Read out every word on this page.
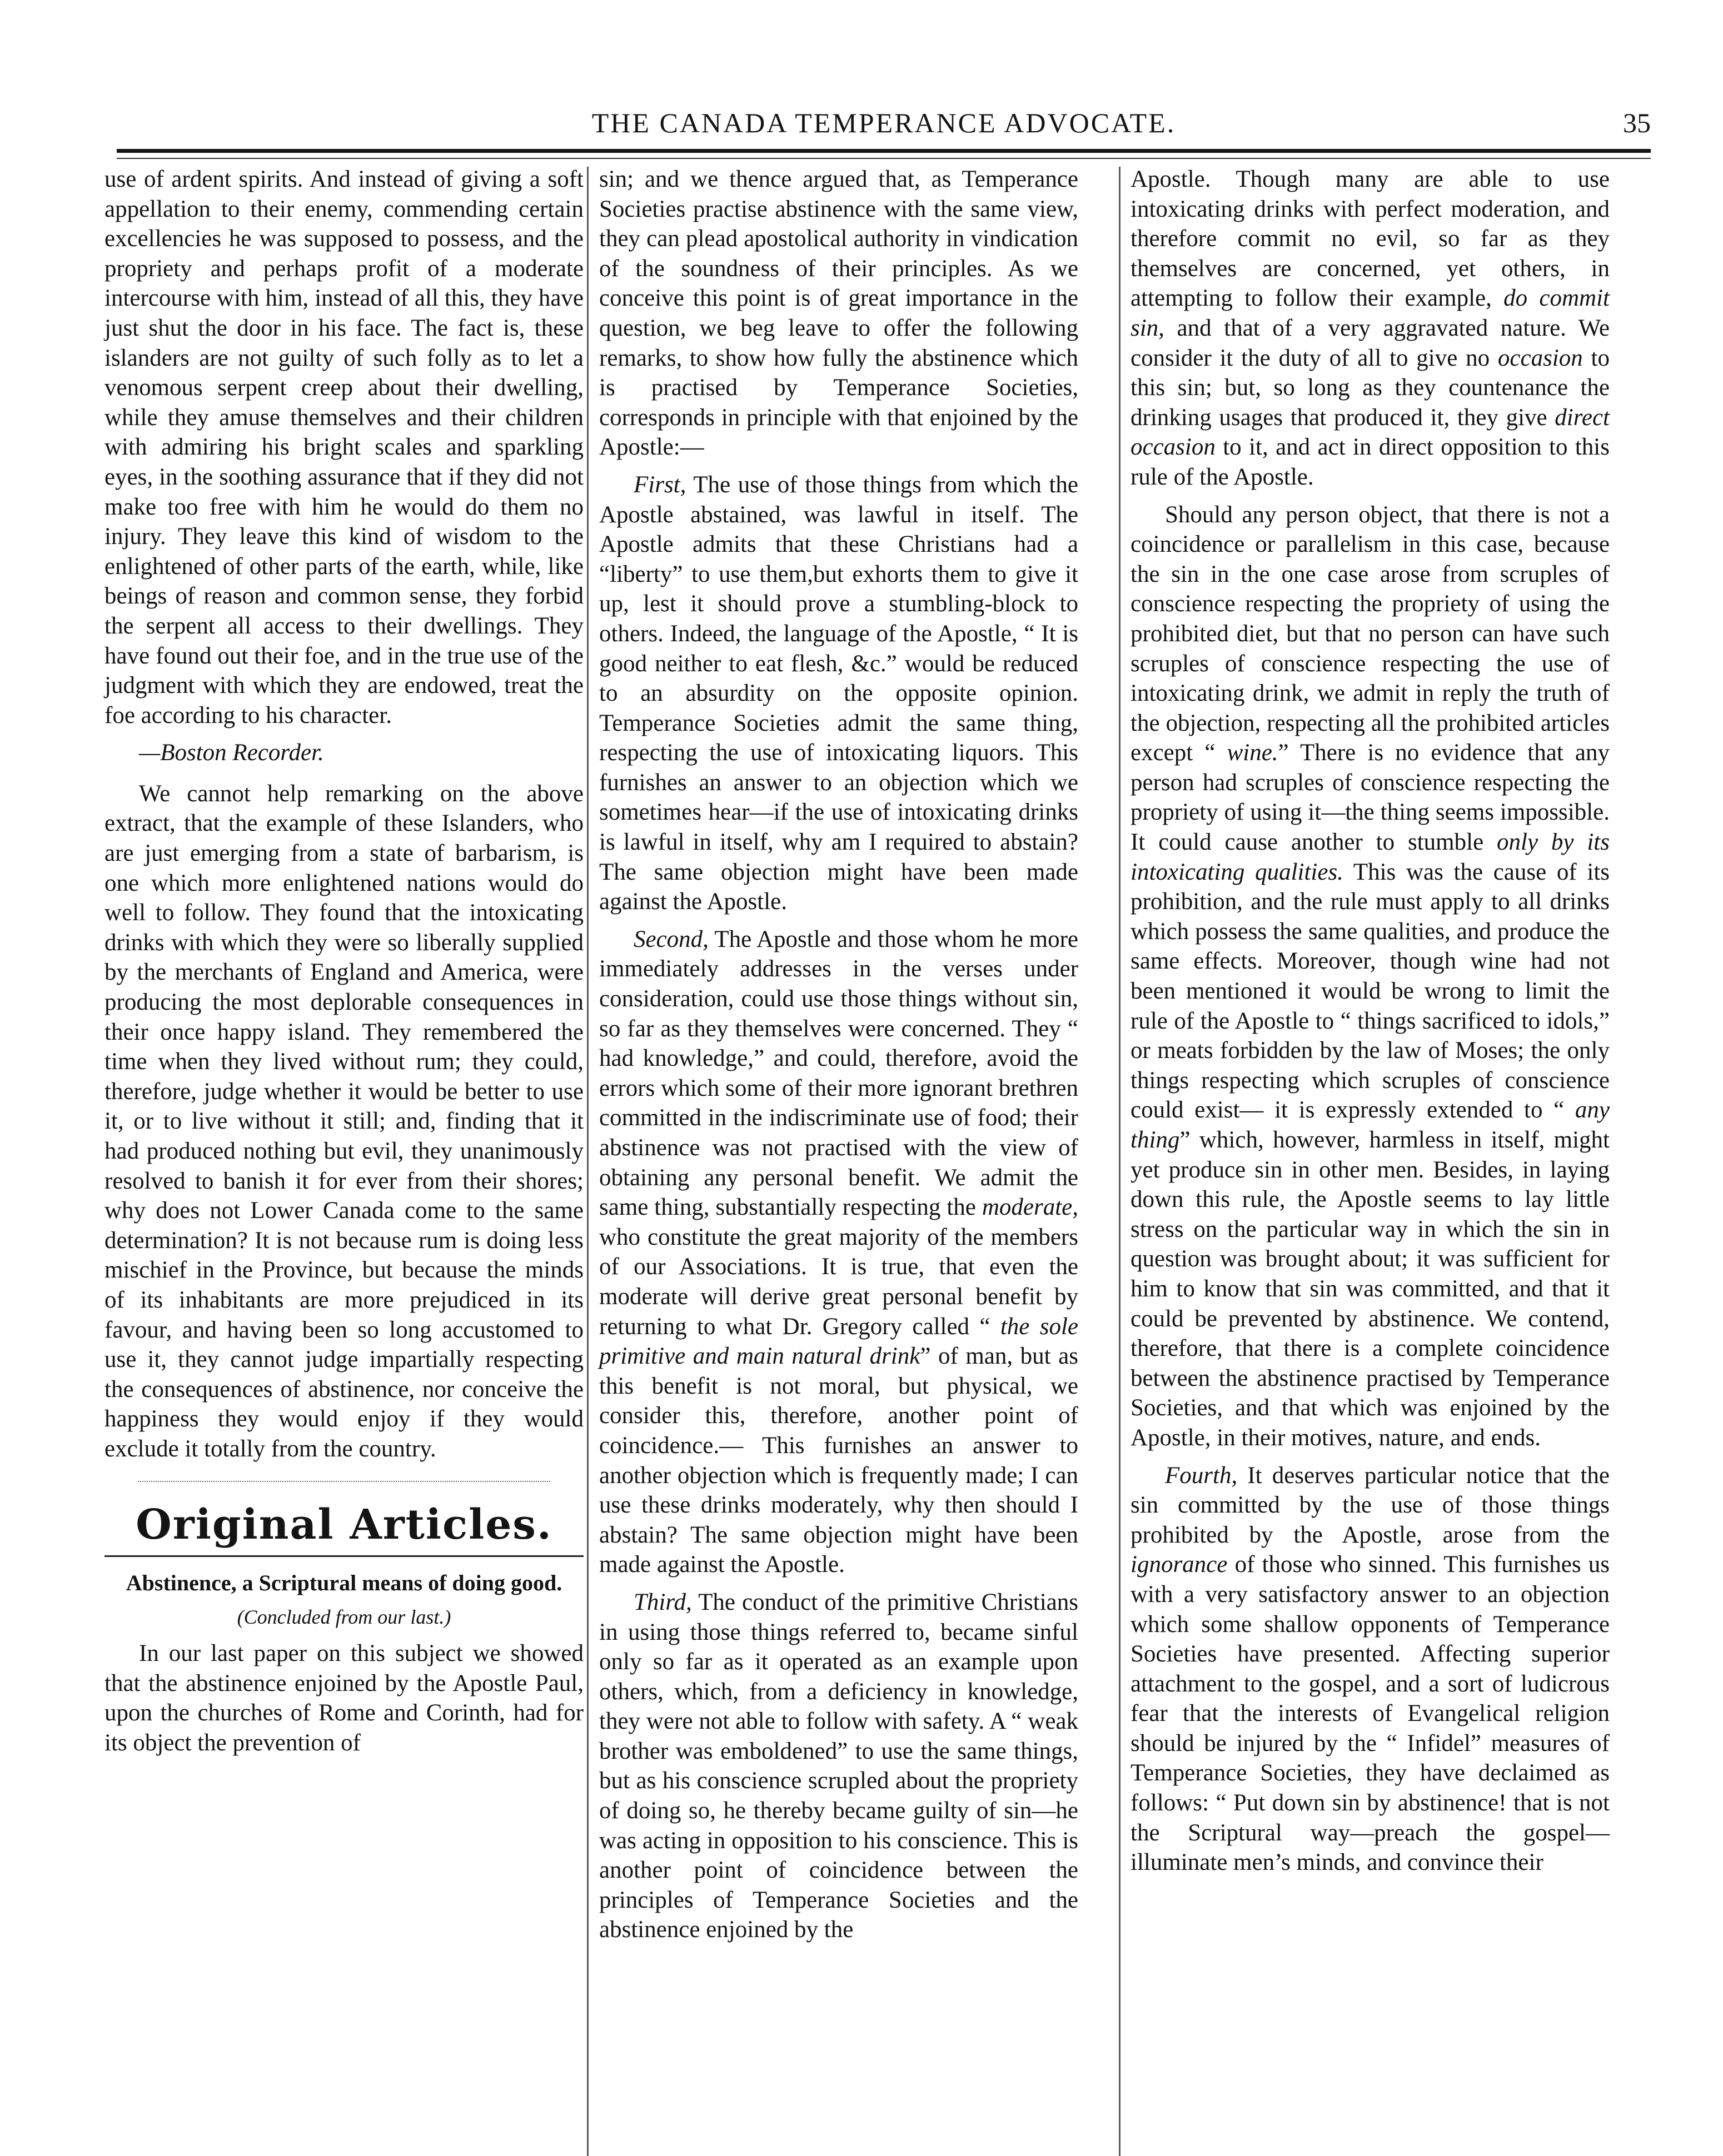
THE CANADA TEMPERANCE ADVOCATE.	35

use of ardent spirits. And instead of giving a soft appellation to their enemy, commending certain excellencies he was supposed to possess, and the propriety and perhaps profit of a moderate intercourse with him, instead of all this, they have just shut the door in his face. The fact is, these islanders are not guilty of such folly as to let a venomous serpent creep about their dwelling, while they amuse themselves and their children with admiring his bright scales and sparkling eyes, in the soothing assurance that if they did not make too free with him he would do them no injury. They leave this kind of wisdom to the enlightened of other parts of the earth, while, like beings of reason and common sense, they forbid the serpent all access to their dwellings. They have found out their foe, and in the true use of the judgment with which they are endowed, treat the foe according to his character.

—Boston Recorder.

We cannot help remarking on the above extract, that the example of these Islanders, who are just emerging from a state of barbarism, is one which more enlightened nations would do well to follow. They found that the intoxicating drinks with which they were so liberally supplied by the merchants of England and America, were producing the most deplorable consequences in their once happy island. They remembered the time when they lived without rum; they could, therefore, judge whether it would be better to use it, or to live without it still; and, finding that it had produced nothing but evil, they unanimously resolved to banish it for ever from their shores; why does not Lower Canada come to the same determination? It is not because rum is doing less mischief in the Province, but because the minds of its inhabitants are more prejudiced in its favour, and having been so long accustomed to use it, they cannot judge impartially respecting the consequences of abstinence, nor conceive the happiness they would enjoy if they would exclude it totally from the country.

Original Articles.
Abstinence, a Scriptural means of doing good.
(Concluded from our last.)

In our last paper on this subject we showed that the abstinence enjoined by the Apostle Paul, upon the churches of Rome and Corinth, had for its object the prevention of

sin; and we thence argued that, as Temperance Societies practise abstinence with the same view, they can plead apostolical authority in vindication of the soundness of their principles. As we conceive this point is of great importance in the question, we beg leave to offer the following remarks, to show how fully the abstinence which is practised by Temperance Societies, corresponds in principle with that enjoined by the Apostle:—

First, The use of those things from which the Apostle abstained, was lawful in itself. The Apostle admits that these Christians had a “liberty” to use them,but exhorts them to give it up, lest it should prove a stumbling-block to others. Indeed, the language of the Apostle, “ It is good neither to eat flesh, &c.” would be reduced to an absurdity on the opposite opinion. Temperance Societies admit the same thing, respecting the use of intoxicating liquors. This furnishes an answer to an objection which we sometimes hear—if the use of intoxicating drinks is lawful in itself, why am I required to abstain? The same objection might have been made against the Apostle.

Second, The Apostle and those whom he more immediately addresses in the verses under consideration, could use those things without sin, so far as they themselves were concerned. They “ had knowledge,” and could, therefore, avoid the errors which some of their more ignorant brethren committed in the indiscriminate use of food; their abstinence was not practised with the view of obtaining any personal benefit. We admit the same thing, substantially respecting the moderate, who constitute the great majority of the members of our Associations. It is true, that even the moderate will derive great personal benefit by returning to what Dr. Gregory called “ the sole primitive and main natural drink” of man, but as this benefit is not moral, but physical, we consider this, therefore, another point of coincidence.— This furnishes an answer to another objection which is frequently made; I can use these drinks moderately, why then should I abstain? The same objection might have been made against the Apostle.

Third, The conduct of the primitive Christians in using those things referred to, became sinful only so far as it operated as an example upon others, which, from a deficiency in knowledge, they were not able to follow with safety. A “ weak brother was emboldened” to use the same things, but as his conscience scrupled about the propriety of doing so, he thereby became guilty of sin—he was acting in opposition to his conscience. This is another point of coincidence between the principles of Temperance Societies and the abstinence enjoined by the

Apostle. Though many are able to use intoxicating drinks with perfect moderation, and therefore commit no evil, so far as they themselves are concerned, yet others, in attempting to follow their example, do commit sin, and that of a very aggravated nature. We consider it the duty of all to give no occasion to this sin; but, so long as they countenance the drinking usages that produced it, they give direct occasion to it, and act in direct opposition to this rule of the Apostle.

Should any person object, that there is not a coincidence or parallelism in this case, because the sin in the one case arose from scruples of conscience respecting the propriety of using the prohibited diet, but that no person can have such scruples of conscience respecting the use of intoxicating drink, we admit in reply the truth of the objection, respecting all the prohibited articles except “ wine.” There is no evidence that any person had scruples of conscience respecting the propriety of using it—the thing seems impossible. It could cause another to stumble only by its intoxicating qualities. This was the cause of its prohibition, and the rule must apply to all drinks which possess the same qualities, and produce the same effects. Moreover, though wine had not been mentioned it would be wrong to limit the rule of the Apostle to “ things sacrificed to idols,” or meats forbidden by the law of Moses; the only things respecting which scruples of conscience could exist— it is expressly extended to “ any thing” which, however, harmless in itself, might yet produce sin in other men. Besides, in laying down this rule, the Apostle seems to lay little stress on the particular way in which the sin in question was brought about; it was sufficient for him to know that sin was committed, and that it could be prevented by abstinence. We contend, therefore, that there is a complete coincidence between the abstinence practised by Temperance Societies, and that which was enjoined by the Apostle, in their motives, nature, and ends.

Fourth, It deserves particular notice that the sin committed by the use of those things prohibited by the Apostle, arose from the ignorance of those who sinned. This furnishes us with a very satisfactory answer to an objection which some shallow opponents of Temperance Societies have presented. Affecting superior attachment to the gospel, and a sort of ludicrous fear that the interests of Evangelical religion should be injured by the “ Infidel” measures of Temperance Societies, they have declaimed as follows: “ Put down sin by abstinence! that is not the Scriptural way—preach the gospel—illuminate men’s minds, and convince their
